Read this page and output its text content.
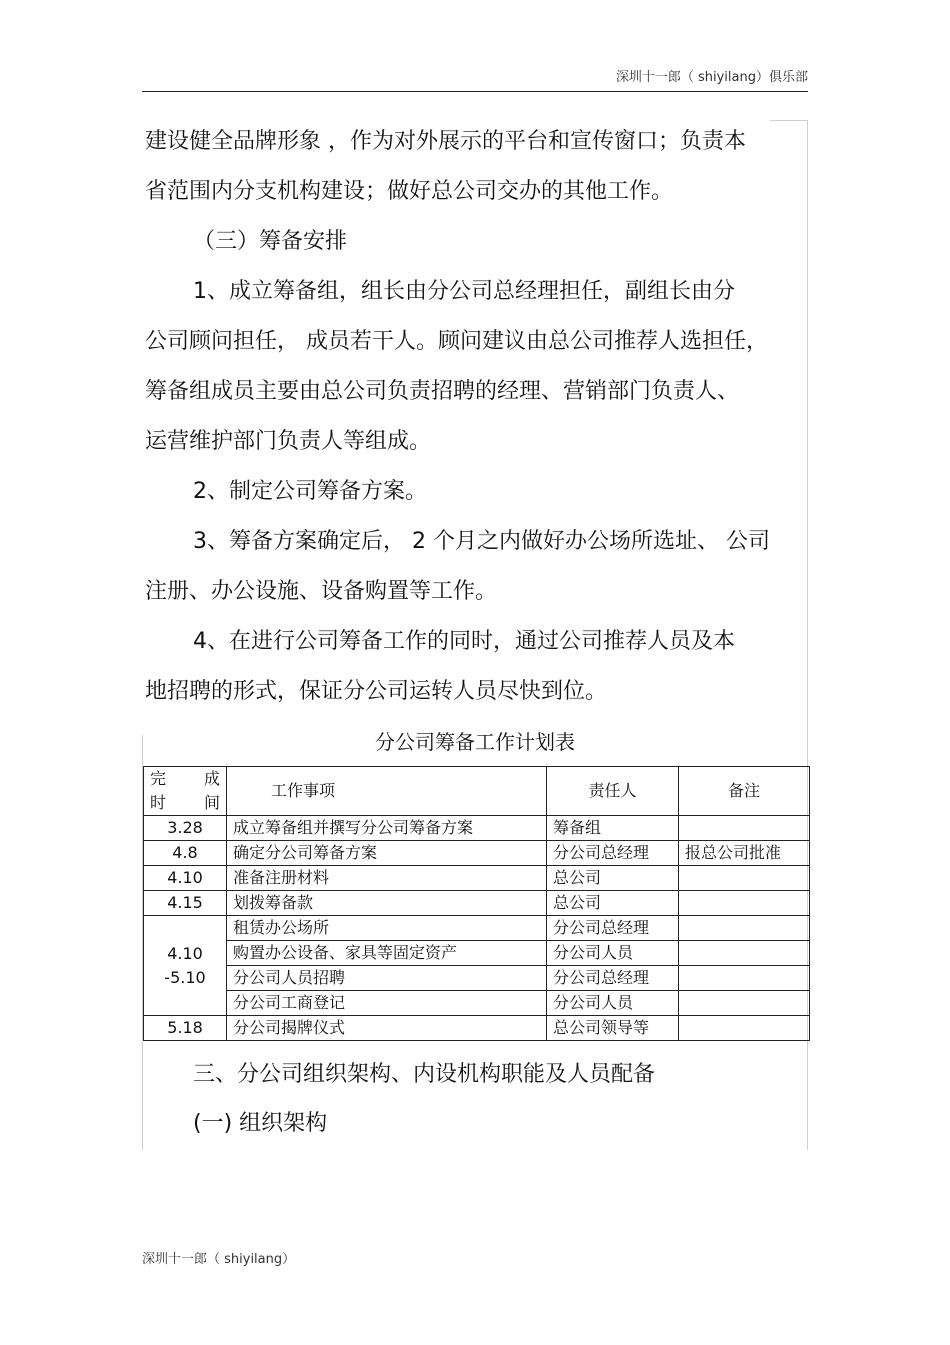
深圳十一郎（ shiyilang）俱乐部
建设健全品牌形象 ，作为对外展示的平台和宣传窗口；负责本
省范围内分支机构建设；做好总公司交办的其他工作。
（三）筹备安排
1、成立筹备组，组长由分公司总经理担任，副组长由分
公司顾问担任， 成员若干人。顾问建议由总公司推荐人选担任，
筹备组成员主要由总公司负责招聘的经理、营销部门负责人、
运营维护部门负责人等组成。
2、制定公司筹备方案。
3、筹备方案确定后， 2 个月之内做好办公场所选址、 公司
注册、办公设施、设备购置等工作。
4、在进行公司筹备工作的同时，通过公司推荐人员及本
地招聘的形式，保证分公司运转人员尽快到位。
分公司筹备工作计划表
完 成
时 间	工作事项	责任人	备注
3.28	成立筹备组并撰写分公司筹备方案	筹备组	
4.8	确定分公司筹备方案	分公司总经理	报总公司批准
4.10	准备注册材料	总公司	
4.15	划拨筹备款	总公司	

4.10
-5.10	租赁办公场所	分公司总经理	
	购置办公设备、家具等固定资产	分公司人员	
	分公司人员招聘	分公司总经理	
	分公司工商登记	分公司人员	
5.18	分公司揭牌仪式	总公司领导等	
三、分公司组织架构、内设机构职能及人员配备
(一) 组织架构
深圳十一郎（ shiyilang）
